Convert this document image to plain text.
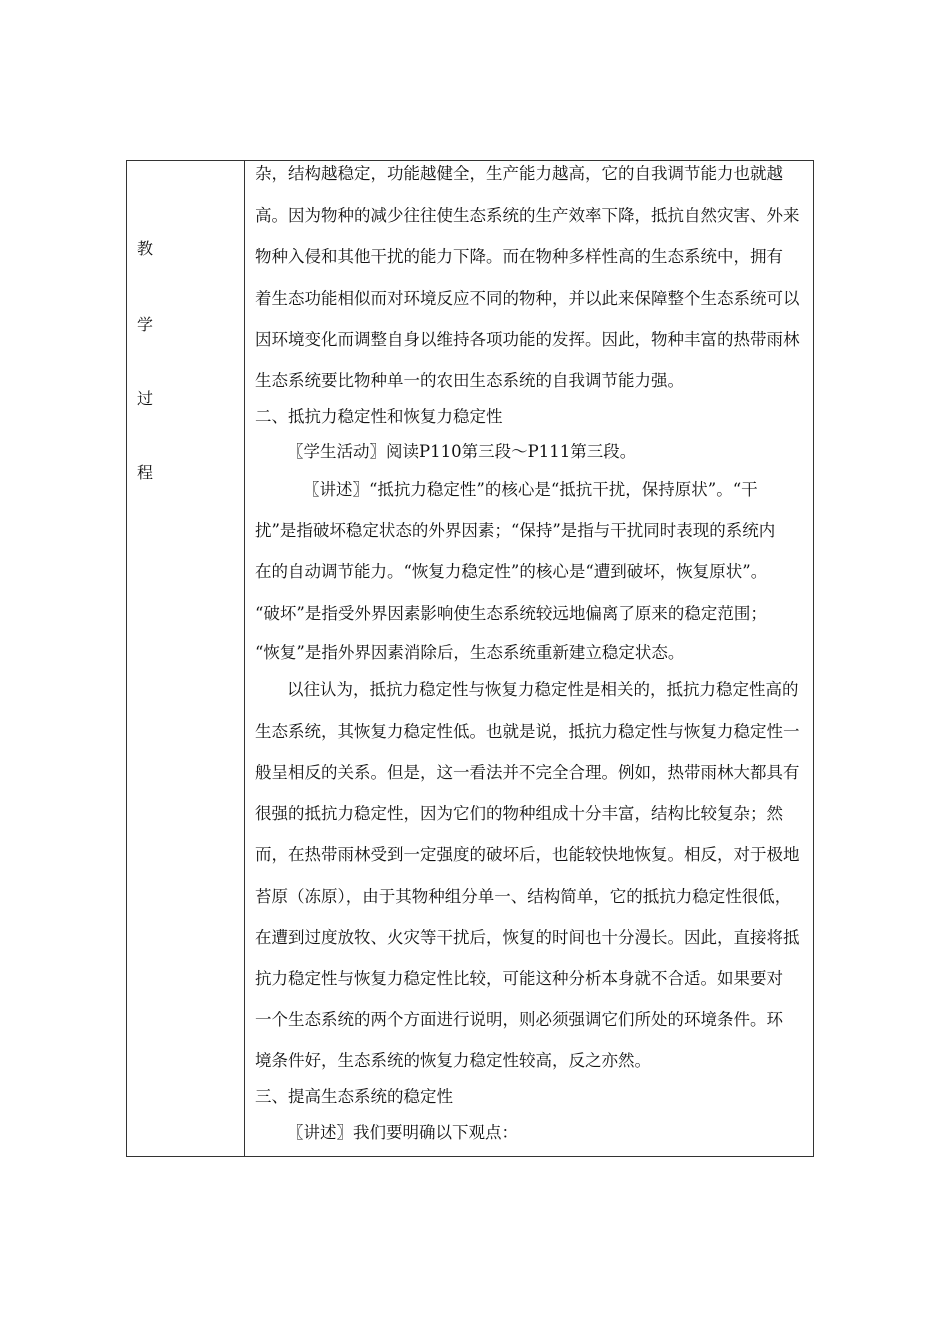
教
学
过
程
杂，结构越稳定，功能越健全，生产能力越高，它的自我调节能力也就越
高。因为物种的减少往往使生态系统的生产效率下降，抵抗自然灾害、外来
物种入侵和其他干扰的能力下降。而在物种多样性高的生态系统中，拥有
着生态功能相似而对环境反应不同的物种，并以此来保障整个生态系统可以
因环境变化而调整自身以维持各项功能的发挥。因此，物种丰富的热带雨林
生态系统要比物种单一的农田生态系统的自我调节能力强。
二、抵抗力稳定性和恢复力稳定性
〖学生活动〗阅读P110第三段～P111第三段。
〖讲述〗“抵抗力稳定性”的核心是“抵抗干扰，保持原状”。“干
扰”是指破坏稳定状态的外界因素；“保持”是指与干扰同时表现的系统内
在的自动调节能力。“恢复力稳定性”的核心是“遭到破坏，恢复原状”。
“破坏”是指受外界因素影响使生态系统较远地偏离了原来的稳定范围；
“恢复”是指外界因素消除后，生态系统重新建立稳定状态。
以往认为，抵抗力稳定性与恢复力稳定性是相关的，抵抗力稳定性高的
生态系统，其恢复力稳定性低。也就是说，抵抗力稳定性与恢复力稳定性一
般呈相反的关系。但是，这一看法并不完全合理。例如，热带雨林大都具有
很强的抵抗力稳定性，因为它们的物种组成十分丰富，结构比较复杂；然
而，在热带雨林受到一定强度的破坏后，也能较快地恢复。相反，对于极地
苔原（冻原），由于其物种组分单一、结构简单，它的抵抗力稳定性很低，
在遭到过度放牧、火灾等干扰后，恢复的时间也十分漫长。因此，直接将抵
抗力稳定性与恢复力稳定性比较，可能这种分析本身就不合适。如果要对
一个生态系统的两个方面进行说明，则必须强调它们所处的环境条件。环
境条件好，生态系统的恢复力稳定性较高，反之亦然。
三、提高生态系统的稳定性
〖讲述〗我们要明确以下观点：
